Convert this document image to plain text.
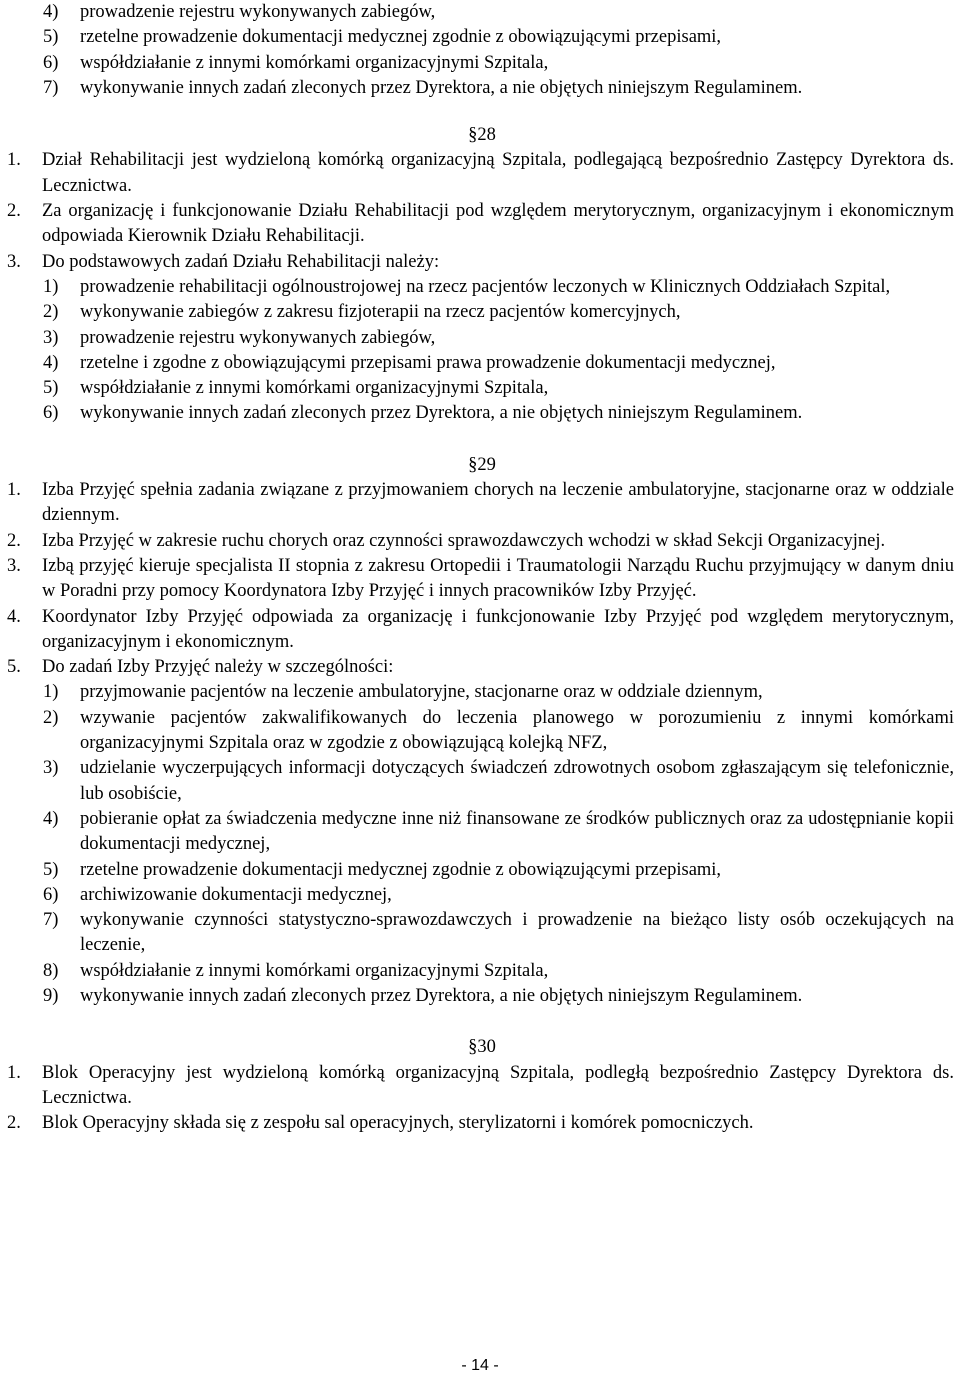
4) prowadzenie rejestru wykonywanych zabiegów,
5) rzetelne prowadzenie dokumentacji medycznej zgodnie z obowiązującymi przepisami,
6) współdziałanie z innymi komórkami organizacyjnymi Szpitala,
7) wykonywanie innych zadań zleconych przez Dyrektora, a nie objętych niniejszym Regulaminem.
§28
1. Dział Rehabilitacji jest wydzieloną komórką organizacyjną Szpitala, podlegającą bezpośrednio Zastępcy Dyrektora ds. Lecznictwa.
2. Za organizację i funkcjonowanie Działu Rehabilitacji pod względem merytorycznym, organizacyjnym i ekonomicznym odpowiada Kierownik Działu Rehabilitacji.
3. Do podstawowych zadań Działu Rehabilitacji należy:
1) prowadzenie rehabilitacji ogólnoustrojowej na rzecz pacjentów leczonych w Klinicznych Oddziałach Szpital,
2) wykonywanie zabiegów z zakresu fizjoterapii na rzecz pacjentów komercyjnych,
3) prowadzenie rejestru wykonywanych zabiegów,
4) rzetelne i zgodne z obowiązującymi przepisami prawa prowadzenie dokumentacji medycznej,
5) współdziałanie z innymi komórkami organizacyjnymi Szpitala,
6) wykonywanie innych zadań zleconych przez Dyrektora, a nie objętych niniejszym Regulaminem.
§29
1. Izba Przyjęć spełnia zadania związane z przyjmowaniem chorych na leczenie ambulatoryjne, stacjonarne oraz w oddziale dziennym.
2. Izba Przyjęć w zakresie ruchu chorych oraz czynności sprawozdawczych wchodzi w skład Sekcji Organizacyjnej.
3. Izbą przyjęć kieruje specjalista II stopnia z zakresu Ortopedii i Traumatologii Narządu Ruchu przyjmujący w danym dniu w Poradni przy pomocy Koordynatora Izby Przyjęć i innych pracowników Izby Przyjęć.
4. Koordynator Izby Przyjęć odpowiada za organizację i funkcjonowanie Izby Przyjęć pod względem merytorycznym, organizacyjnym i ekonomicznym.
5. Do zadań Izby Przyjęć należy w szczególności:
1) przyjmowanie pacjentów na leczenie ambulatoryjne, stacjonarne oraz w oddziale dziennym,
2) wzywanie pacjentów zakwalifikowanych do leczenia planowego w porozumieniu z innymi komórkami organizacyjnymi Szpitala oraz w zgodzie z obowiązującą kolejką NFZ,
3) udzielanie wyczerpujących informacji dotyczących świadczeń zdrowotnych osobom zgłaszającym się telefonicznie, lub osobiście,
4) pobieranie opłat za świadczenia medyczne inne niż finansowane ze środków publicznych oraz za udostępnianie kopii dokumentacji medycznej,
5) rzetelne prowadzenie dokumentacji medycznej zgodnie z obowiązującymi przepisami,
6) archiwizowanie dokumentacji medycznej,
7) wykonywanie czynności statystyczno-sprawozdawczych i prowadzenie na bieżąco listy osób oczekujących na leczenie,
8) współdziałanie z innymi komórkami organizacyjnymi Szpitala,
9) wykonywanie innych zadań zleconych przez Dyrektora, a nie objętych niniejszym Regulaminem.
§30
1. Blok Operacyjny jest wydzieloną komórką organizacyjną Szpitala, podległą bezpośrednio Zastępcy Dyrektora ds. Lecznictwa.
2. Blok Operacyjny składa się z zespołu sal operacyjnych, sterylizatorni i komórek pomocniczych.
- 14 -
